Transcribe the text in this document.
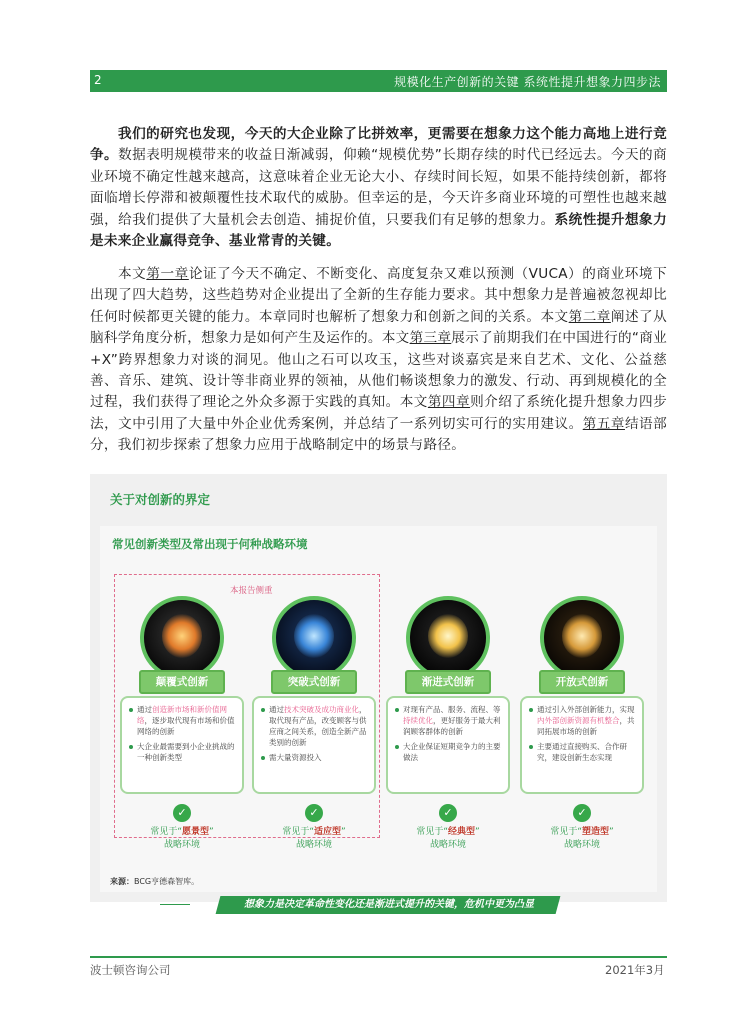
2	规模化生产创新的关键 系统性提升想象力四步法
我们的研究也发现，今天的大企业除了比拼效率，更需要在想象力这个能力高地上进行竞争。数据表明规模带来的收益日渐减弱，仰赖“规模优势”长期存续的时代已经远去。今天的商业环境不确定性越来越高，这意味着企业无论大小、存续时间长短，如果不能持续创新，都将面临增长停滞和被颠覆性技术取代的威胁。但幸运的是，今天许多商业环境的可塑性也越来越强，给我们提供了大量机会去创造、捕捉价值，只要我们有足够的想象力。系统性提升想象力是未来企业赢得竞争、基业常青的关键。
本文第一章论证了今天不确定、不断变化、高度复杂又难以预测（VUCA）的商业环境下出现了四大趋势，这些趋势对企业提出了全新的生存能力要求。其中想象力是普遍被忽视却比任何时候都更关键的能力。本章同时也解析了想象力和创新之间的关系。本文第二章阐述了从脑科学角度分析，想象力是如何产生及运作的。本文第三章展示了前期我们在中国进行的“商业+X”跨界想象力对谈的洞见。他山之石可以攻玉，这些对谈嘉宾是来自艺术、文化、公益慈善、音乐、建筑、设计等非商业界的领袖，从他们畅谈想象力的激发、行动、再到规模化的全过程，我们获得了理论之外众多源于实践的真知。本文第四章则介绍了系统化提升想象力四步法，文中引用了大量中外企业优秀案例，并总结了一系列切实可行的实用建议。第五章结语部分，我们初步探索了想象力应用于战略制定中的场景与路径。
关于对创新的界定
常见创新类型及常出现于何种战略环境
本报告侧重
颠覆式创新
通过创造新市场和新价值网络，逐步取代现有市场和价值网络的创新
大企业最需要到小企业挑战的一种创新类型
✓
常见于“愿景型”
战略环境
突破式创新
通过技术突破及成功商业化，取代现有产品，改变顾客与供应商之间关系，创造全新产品类别的创新
需大量资源投入
✓
常见于“适应型”
战略环境
渐进式创新
对现有产品、服务、流程、等持续优化，更好服务于最大利润顾客群体的创新
大企业保证短期竞争力的主要做法
✓
常见于“经典型”
战略环境
开放式创新
通过引入外部创新能力，实现内外部创新资源有机整合，共同拓展市场的创新
主要通过直接购买、合作研究，建设创新生态实现
✓
常见于“塑造型”
战略环境
想象力是决定革命性变化还是渐进式提升的关键，危机中更为凸显
来源：BCG亨德森智库。
波士顿咨询公司	2021年3月
